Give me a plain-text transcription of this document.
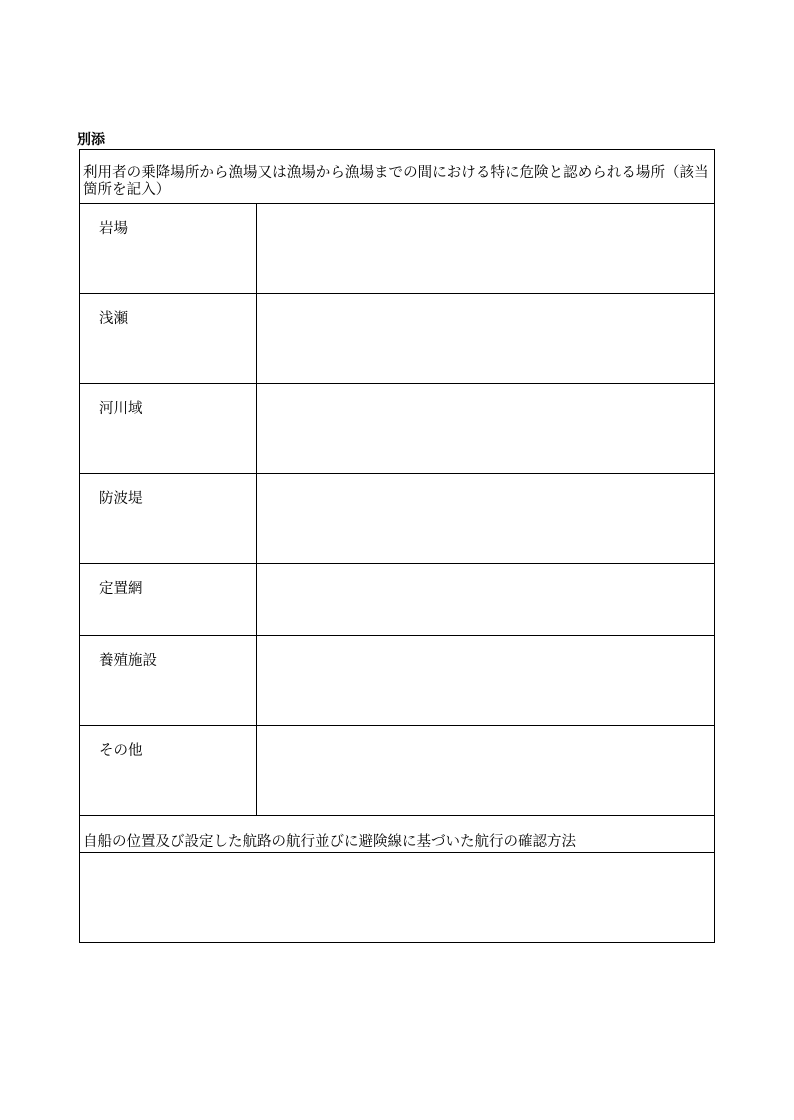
別添
利用者の乗降場所から漁場又は漁場から漁場までの間における特に危険と認められる場所（該当箇所を記入）	
岩場	
浅瀬	
河川域	
防波堤	
定置網	
養殖施設	
その他	
自船の位置及び設定した航路の航行並びに避険線に基づいた航行の確認方法	
